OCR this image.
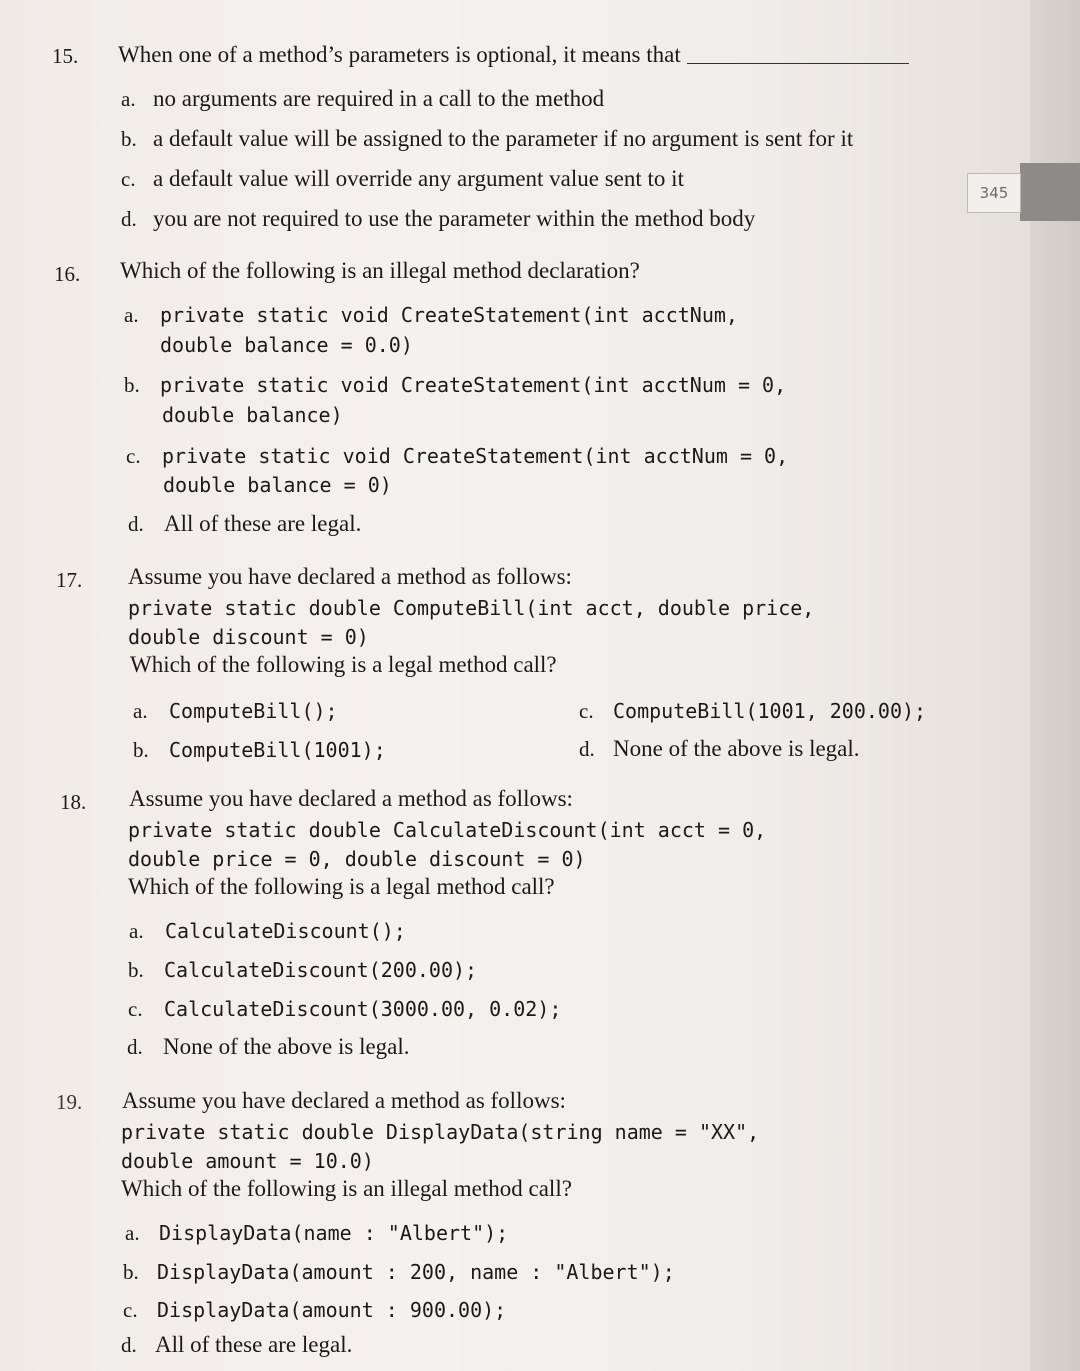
345
15. When one of a method’s parameters is optional, it means that
a. no arguments are required in a call to the method
b. a default value will be assigned to the parameter if no argument is sent for it
c. a default value will override any argument value sent to it
d. you are not required to use the parameter within the method body
16. Which of the following is an illegal method declaration?
a. private static void CreateStatement(int acctNum,
double balance = 0.0)
b. private static void CreateStatement(int acctNum = 0,
double balance)
c. private static void CreateStatement(int acctNum = 0,
double balance = 0)
d. All of these are legal.
17. Assume you have declared a method as follows:
private static double ComputeBill(int acct, double price,
double discount = 0)
Which of the following is a legal method call?
a. ComputeBill();
b. ComputeBill(1001);
c. ComputeBill(1001, 200.00);
d. None of the above is legal.
18. Assume you have declared a method as follows:
private static double CalculateDiscount(int acct = 0,
double price = 0, double discount = 0)
Which of the following is a legal method call?
a. CalculateDiscount();
b. CalculateDiscount(200.00);
c. CalculateDiscount(3000.00, 0.02);
d. None of the above is legal.
19. Assume you have declared a method as follows:
private static double DisplayData(string name = "XX",
double amount = 10.0)
Which of the following is an illegal method call?
a. DisplayData(name : "Albert");
b. DisplayData(amount : 200, name : "Albert");
c. DisplayData(amount : 900.00);
d. All of these are legal.
